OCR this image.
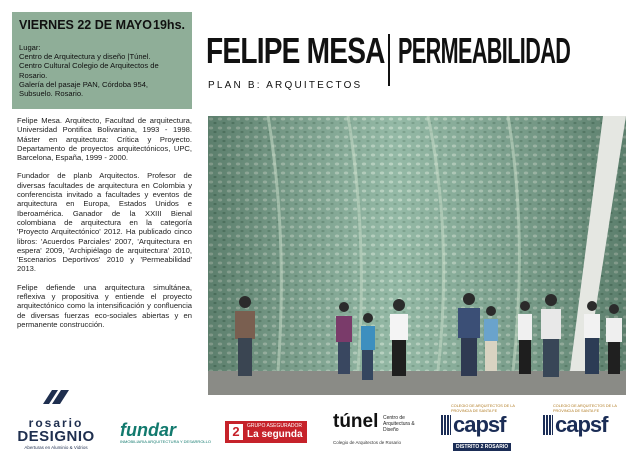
VIERNES 22 DE MAYO 19hs.
Lugar:
Centro de Arquitectura y diseño |Túnel.
Centro Cultural Colegio de Arquitectos de
Rosario.
Galería del pasaje PAN, Córdoba 954,
Subsuelo. Rosario.
FELIPE MESA PERMEABILIDAD
PLAN B: ARQUITECTOS

Felipe Mesa. Arquitecto, Facultad de arquitectura, Universidad Pontifica Bolivariana, 1993 - 1998. Máster en arquitectura: Crítica y Proyecto. Departamento de proyectos arquitectónicos, UPC, Barcelona, España, 1999 - 2000.

Fundador de planb Arquitectos. Profesor de diversas facultades de arquitectura en Colombia y conferencista invitado a facultades y eventos de arquitectura en Europa, Estados Unidos e Iberoamérica. Ganador de la XXIII Bienal colombiana de arquitectura en la categoría 'Proyecto Arquitectónico' 2012. Ha publicado cinco libros: 'Acuerdos Parciales' 2007, 'Arquitectura en espera' 2009, 'Archipiélago de arquitectura' 2010, 'Escenarios Deportivos' 2010 y 'Permeabilidad' 2013.

Felipe defiende una arquitectura simultánea, reflexiva y propositiva y entiende el proyecto arquitectónico como la intensificación y confluencia de diversas fuerzas eco-sociales abiertas y en permanente construcción.

rosario
DESIGNIO
Aberturas en Aluminio & Vidrios
fundar
INMOBILIARIA ARQUITECTURA Y DESARROLLO
2	GRUPO ASEGURADOR
La segunda
túnel Centro de Arquitectura & Diseño
Colegio de Arquitectos de Rosario
COLEGIO DE ARQUITECTOS DE LA PROVINCIA DE SANTA FE
capsf
DISTRITO 2 ROSARIO
COLEGIO DE ARQUITECTOS DE LA PROVINCIA DE SANTA FE
capsf
